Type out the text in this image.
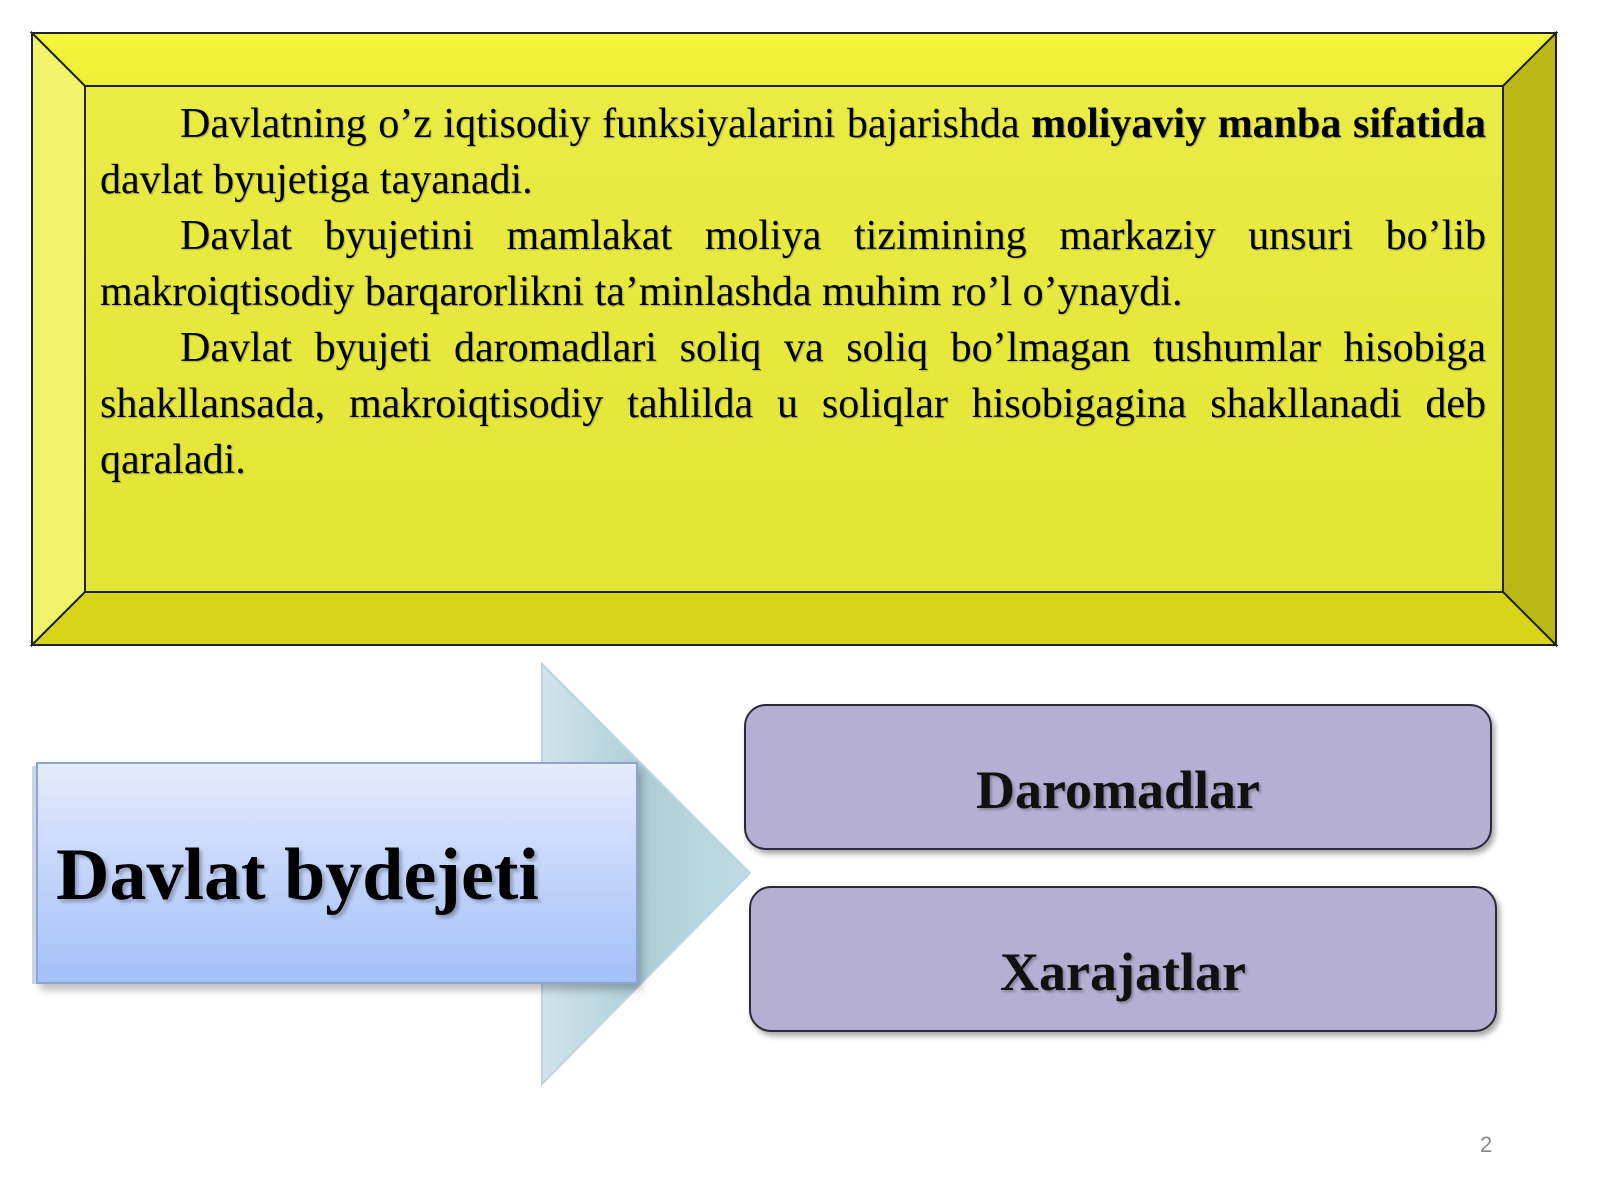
Davlatning o’z iqtisodiy funksiyalarini bajarishda moliyaviy manba sifatida davlat byujetiga tayanadi.

Davlat byujetini mamlakat moliya tizimining markaziy unsuri bo’lib makroiqtisodiy barqarorlikni ta’minlashda muhim ro’l o’ynaydi.

Davlat byujeti daromadlari soliq va soliq bo’lmagan tushumlar hisobiga shakllansada, makroiqtisodiy tahlilda u soliqlar hisobigagina shakllanadi deb qaraladi.

Davlat bydejeti
Daromadlar
Xarajatlar
2
